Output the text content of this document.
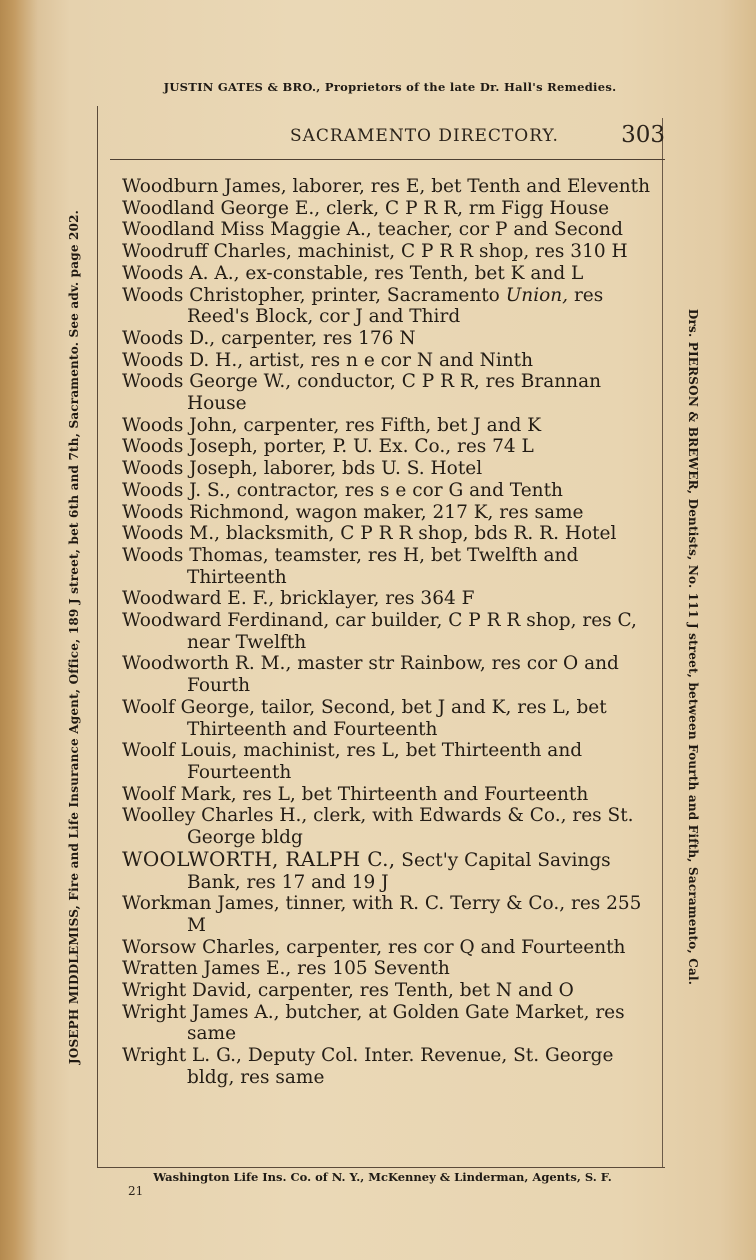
JUSTIN GATES & BRO., Proprietors of the late Dr. Hall's Remedies.
SACRAMENTO DIRECTORY.	303
JOSEPH MIDDLEMISS, Fire and Life Insurance Agent, Office, 189 J street, bet 6th and 7th, Sacramento. See adv. page 202.	Drs. PIERSON & BREWER, Dentists, No. 111 J street, between Fourth and Fifth, Sacramento, Cal.

Woodburn James, laborer, res E, bet Tenth and Eleventh

Woodland George E., clerk, C P R R, rm Figg House

Woodland Miss Maggie A., teacher, cor P and Second

Woodruff Charles, machinist, C P R R shop, res 310 H

Woods A. A., ex-constable, res Tenth, bet K and L

Woods Christopher, printer, Sacramento Union, res Reed's Block, cor J and Third

Woods D., carpenter, res 176 N

Woods D. H., artist, res n e cor N and Ninth

Woods George W., conductor, C P R R, res Brannan House

Woods John, carpenter, res Fifth, bet J and K

Woods Joseph, porter, P. U. Ex. Co., res 74 L

Woods Joseph, laborer, bds U. S. Hotel

Woods J. S., contractor, res s e cor G and Tenth

Woods Richmond, wagon maker, 217 K, res same

Woods M., blacksmith, C P R R shop, bds R. R. Hotel

Woods Thomas, teamster, res H, bet Twelfth and Thirteenth

Woodward E. F., bricklayer, res 364 F

Woodward Ferdinand, car builder, C P R R shop, res C, near Twelfth

Woodworth R. M., master str Rainbow, res cor O and Fourth

Woolf George, tailor, Second, bet J and K, res L, bet Thirteenth and Fourteenth

Woolf Louis, machinist, res L, bet Thirteenth and Fourteenth

Woolf Mark, res L, bet Thirteenth and Fourteenth

Woolley Charles H., clerk, with Edwards & Co., res St. George bldg

WOOLWORTH, RALPH C., Sect'y Capital Savings Bank, res 17 and 19 J

Workman James, tinner, with R. C. Terry & Co., res 255 M

Worsow Charles, carpenter, res cor Q and Fourteenth

Wratten James E., res 105 Seventh

Wright David, carpenter, res Tenth, bet N and O

Wright James A., butcher, at Golden Gate Market, res same

Wright L. G., Deputy Col. Inter. Revenue, St. George bldg, res same

Washington Life Ins. Co. of N. Y., McKenney & Linderman, Agents, S. F.
21
